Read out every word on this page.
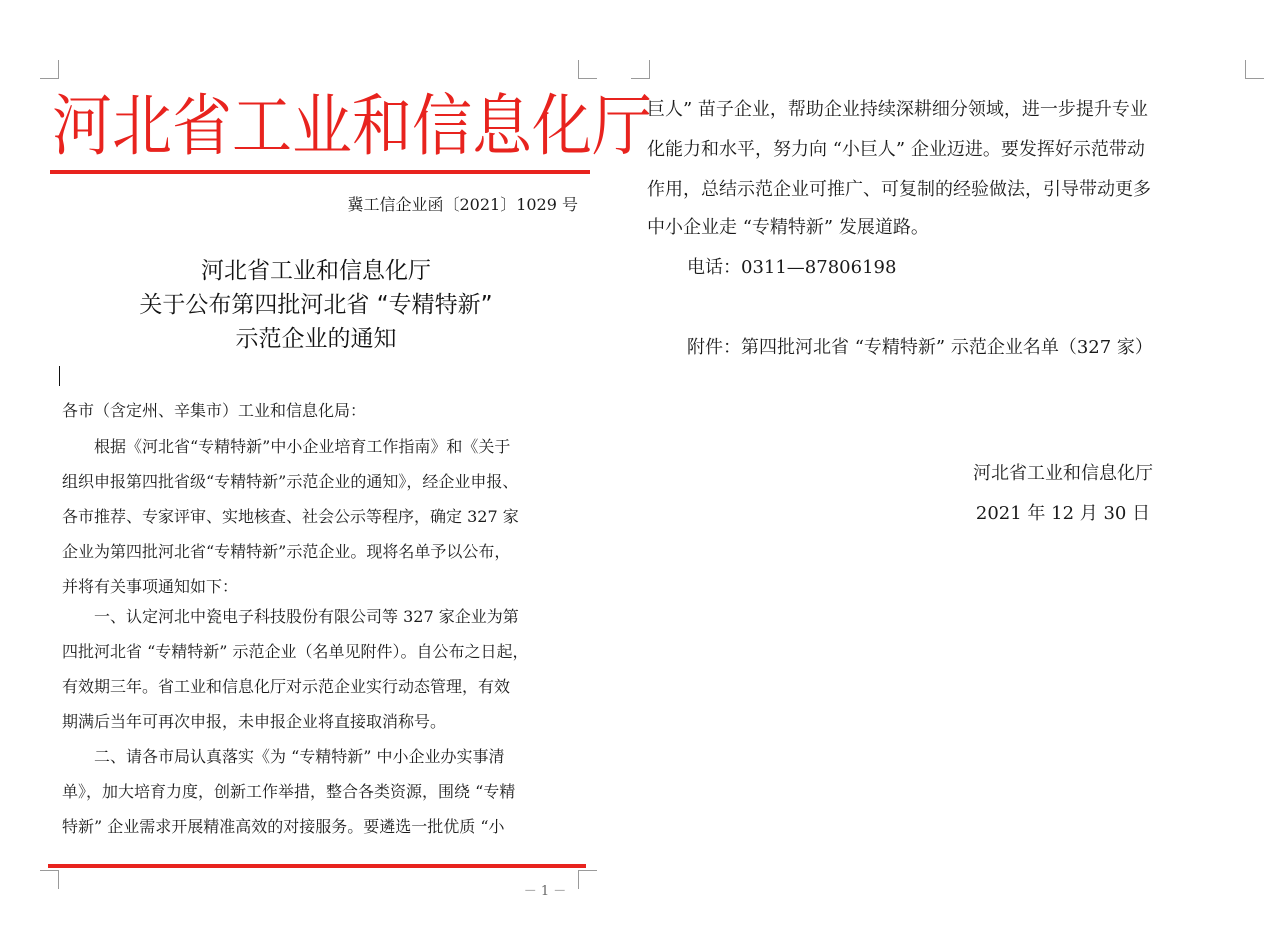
河北省工业和信息化厅
冀工信企业函〔2021〕1029 号
河北省工业和信息化厅
关于公布第四批河北省 “专精特新”
示范企业的通知
各市（含定州、辛集市）工业和信息化局：
根据《河北省“专精特新”中小企业培育工作指南》和《关于
组织申报第四批省级“专精特新”示范企业的通知》，经企业申报、
各市推荐、专家评审、实地核查、社会公示等程序，确定 327 家
企业为第四批河北省“专精特新”示范企业。现将名单予以公布，
并将有关事项通知如下：
一、认定河北中瓷电子科技股份有限公司等 327 家企业为第
四批河北省 “专精特新” 示范企业（名单见附件）。自公布之日起，
有效期三年。省工业和信息化厅对示范企业实行动态管理，有效
期满后当年可再次申报，未申报企业将直接取消称号。
二、请各市局认真落实《为 “专精特新” 中小企业办实事清
单》，加大培育力度，创新工作举措，整合各类资源，围绕 “专精
特新” 企业需求开展精准高效的对接服务。要遴选一批优质 “小
－ 1 －
巨人” 苗子企业，帮助企业持续深耕细分领域，进一步提升专业
化能力和水平，努力向 “小巨人” 企业迈进。要发挥好示范带动
作用，总结示范企业可推广、可复制的经验做法，引导带动更多
中小企业走 “专精特新” 发展道路。
电话：0311—87806198
附件：第四批河北省 “专精特新” 示范企业名单（327 家）
河北省工业和信息化厅
2021 年 12 月 30 日
